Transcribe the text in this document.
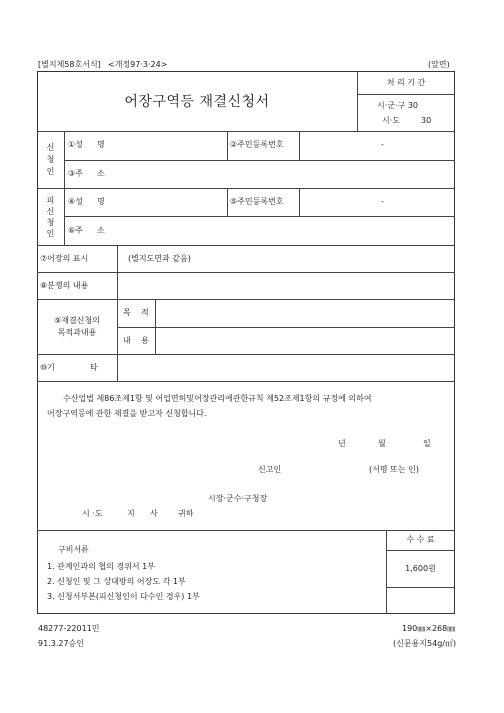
[별지제58호서식] <개정97·3·24>	(앞면)
어장구역등 재결신청서
처 리 기 간
시·군·구 30
시·도	30
신
청
인
①성 명	②주민등록번호	-
③주 소
피
신
청
인
④성 명	⑤주민등록번호	-
⑥주 소
⑦어장의 표시	(별지도면과 같음)
⑧분쟁의 내용
⑨재결신청의
목적과내용
목 적
내 용
⑩기	타
수산업법 제86조제1항 및 어업면허및어장관리에관한규칙 제52조제1항의 규정에 의하여
어장구역등에 관한 재결을 받고자 신청합니다.
년	월	일
신고인	(서명 또는 인)
시장·군수·구청장
시 ·도	지 사	귀하
구비서류
1. 관계인과의 협의 경위서 1부
2. 신청인 및 그 상대방의 어장도 각 1부
3. 신청서부본(피신청인이 다수인 경우) 1부
수 수 료
1,600원
48277-22011민
91.3.27승인
190㎜×268㎜
(신문용지54g/㎡)
